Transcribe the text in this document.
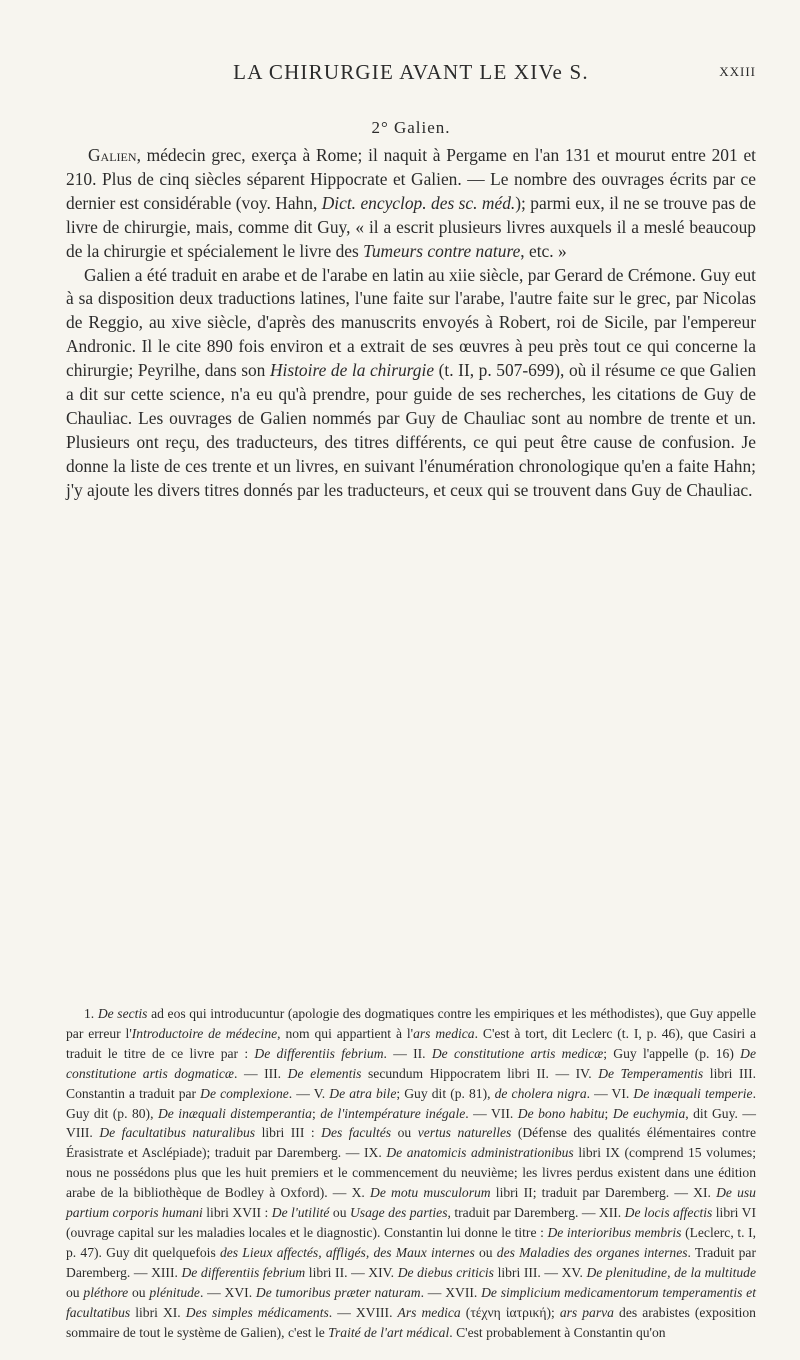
LA CHIRURGIE AVANT LE XIVe S.	XXIII
2° Galien.

Galien, médecin grec, exerça à Rome; il naquit à Pergame en l'an 131 et mourut entre 201 et 210. Plus de cinq siècles séparent Hippocrate et Galien. — Le nombre des ouvrages écrits par ce dernier est considérable (voy. Hahn, Dict. encyclop. des sc. méd.); parmi eux, il ne se trouve pas de livre de chirurgie, mais, comme dit Guy, « il a escrit plusieurs livres auxquels il a meslé beaucoup de la chirurgie et spécialement le livre des Tumeurs contre nature, etc. »

Galien a été traduit en arabe et de l'arabe en latin au xiie siècle, par Gerard de Crémone. Guy eut à sa disposition deux traductions latines, l'une faite sur l'arabe, l'autre faite sur le grec, par Nicolas de Reggio, au xive siècle, d'après des manuscrits envoyés à Robert, roi de Sicile, par l'empereur Andronic. Il le cite 890 fois environ et a extrait de ses œuvres à peu près tout ce qui concerne la chirurgie; Peyrilhe, dans son Histoire de la chirurgie (t. II, p. 507-699), où il résume ce que Galien a dit sur cette science, n'a eu qu'à prendre, pour guide de ses recherches, les citations de Guy de Chauliac. Les ouvrages de Galien nommés par Guy de Chauliac sont au nombre de trente et un. Plusieurs ont reçu, des traducteurs, des titres différents, ce qui peut être cause de confusion. Je donne la liste de ces trente et un livres, en suivant l'énumération chronologique qu'en a faite Hahn; j'y ajoute les divers titres donnés par les traducteurs, et ceux qui se trouvent dans Guy de Chauliac.

1. De sectis ad eos qui introducuntur (apologie des dogmatiques contre les empiriques et les méthodistes), que Guy appelle par erreur l'Introductoire de médecine, nom qui appartient à l'ars medica. C'est à tort, dit Leclerc (t. I, p. 46), que Casiri a traduit le titre de ce livre par : De differentiis febrium. — II. De constitutione artis medicæ; Guy l'appelle (p. 16) De constitutione artis dogmaticæ. — III. De elementis secundum Hippocratem libri II. — IV. De Temperamentis libri III. Constantin a traduit par De complexione. — V. De atra bile; Guy dit (p. 81), de cholera nigra. — VI. De inæquali temperie. Guy dit (p. 80), De inæquali distemperantia; de l'intempérature inégale. — VII. De bono habitu; De euchymia, dit Guy. — VIII. De facultatibus naturalibus libri III : Des facultés ou vertus naturelles (Défense des qualités élémentaires contre Érasistrate et Asclépiade); traduit par Daremberg. — IX. De anatomicis administrationibus libri IX (comprend 15 volumes; nous ne possédons plus que les huit premiers et le commencement du neuvième; les livres perdus existent dans une édition arabe de la bibliothèque de Bodley à Oxford). — X. De motu musculorum libri II; traduit par Daremberg. — XI. De usu partium corporis humani libri XVII : De l'utilité ou Usage des parties, traduit par Daremberg. — XII. De locis affectis libri VI (ouvrage capital sur les maladies locales et le diagnostic). Constantin lui donne le titre : De interioribus membris (Leclerc, t. I, p. 47). Guy dit quelquefois des Lieux affectés, affligés, des Maux internes ou des Maladies des organes internes. Traduit par Daremberg. — XIII. De differentiis febrium libri II. — XIV. De diebus criticis libri III. — XV. De plenitudine, de la multitude ou pléthore ou plénitude. — XVI. De tumoribus præter naturam. — XVII. De simplicium medicamentorum temperamentis et facultatibus libri XI. Des simples médicaments. — XVIII. Ars medica (τέχνη ἰατρική); ars parva des arabistes (exposition sommaire de tout le système de Galien), c'est le Traité de l'art médical. C'est probablement à Constantin qu'on
